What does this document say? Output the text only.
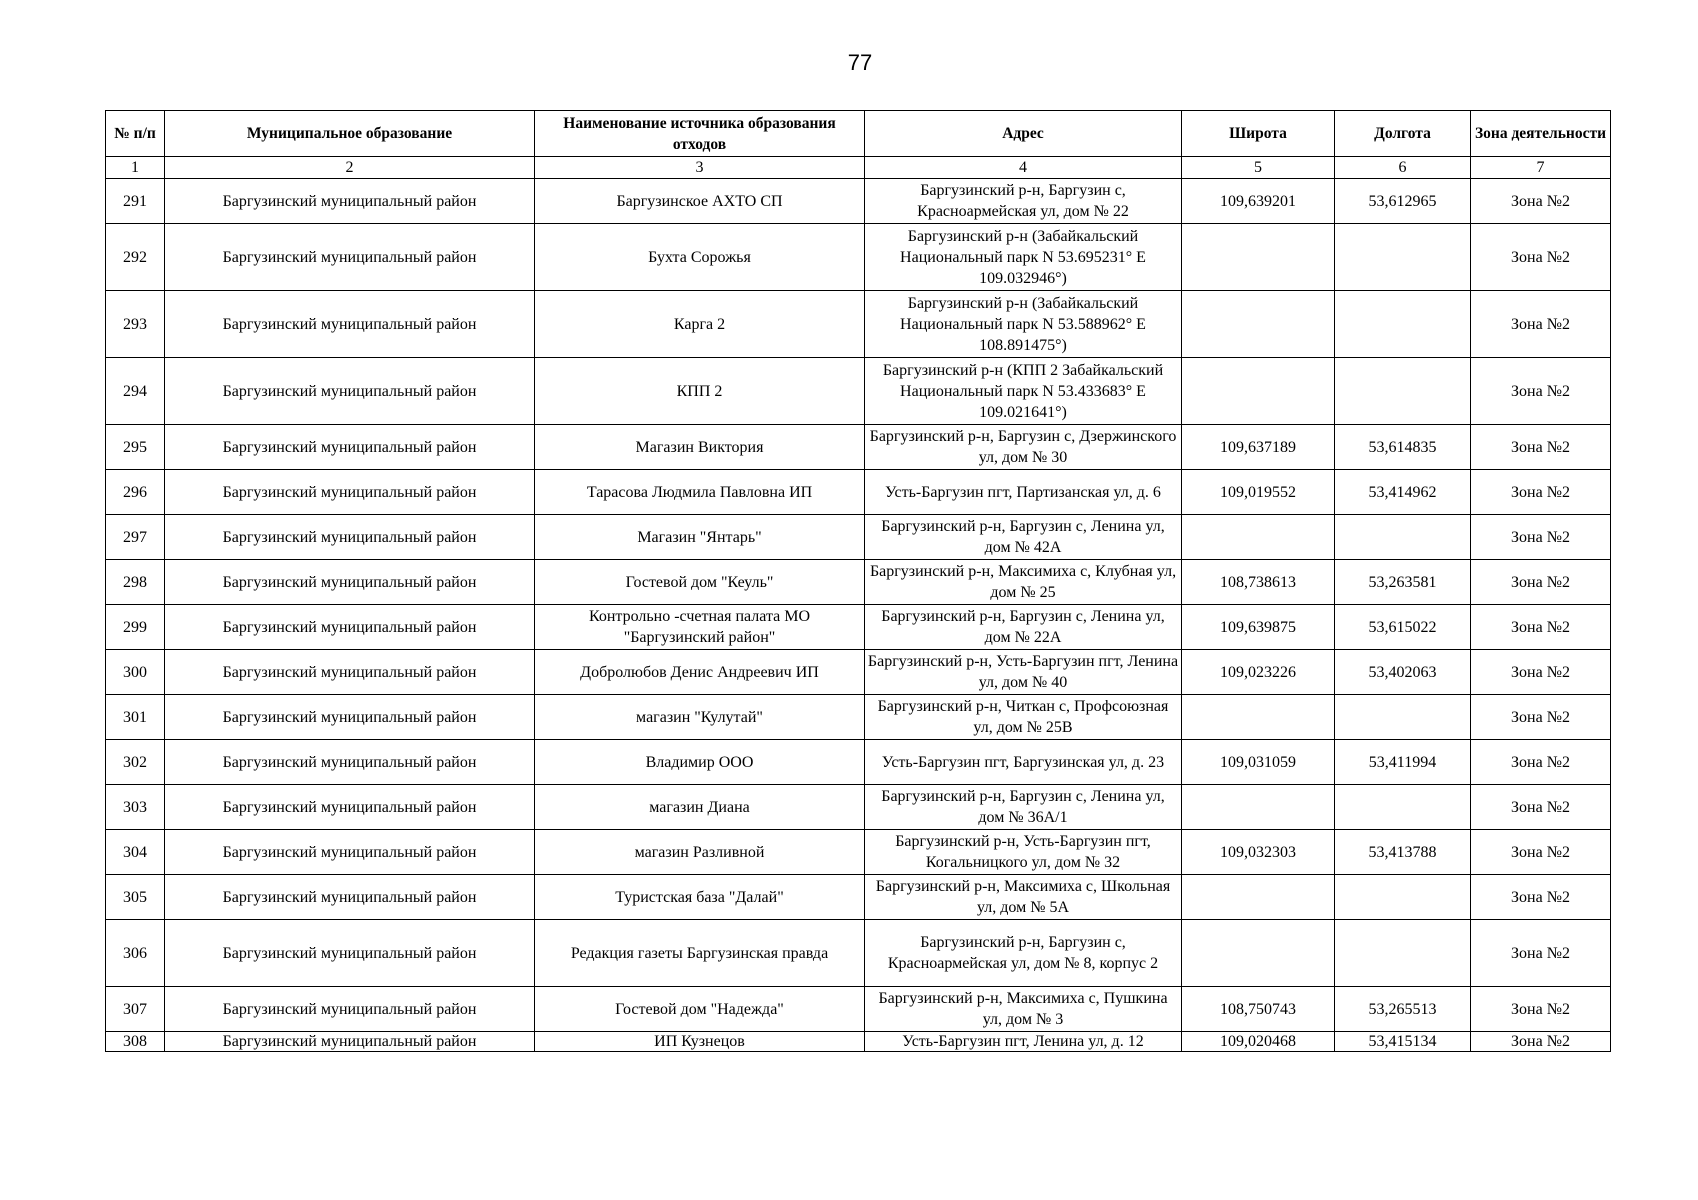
77
№ п/п	Муниципальное образование	Наименование источника образования отходов	Адрес	Широта	Долгота	Зона деятельности
1	2	3	4	5	6	7
291	Баргузинский муниципальный район	Баргузинское АХТО СП	Баргузинский р-н, Баргузин с, Красноармейская ул, дом № 22	109,639201	53,612965	Зона №2
292	Баргузинский муниципальный район	Бухта Сорожья	Баргузинский р-н (Забайкальский Национальный парк N 53.695231° E 109.032946°)			Зона №2
293	Баргузинский муниципальный район	Карга 2	Баргузинский р-н (Забайкальский Национальный парк N 53.588962° E 108.891475°)			Зона №2
294	Баргузинский муниципальный район	КПП 2	Баргузинский р-н (КПП 2 Забайкальский Национальный парк N 53.433683° E 109.021641°)			Зона №2
295	Баргузинский муниципальный район	Магазин Виктория	Баргузинский р-н, Баргузин с, Дзержинского ул, дом № 30	109,637189	53,614835	Зона №2
296	Баргузинский муниципальный район	Тарасова Людмила Павловна ИП	Усть-Баргузин пгт, Партизанская ул, д. 6	109,019552	53,414962	Зона №2
297	Баргузинский муниципальный район	Магазин "Янтарь"	Баргузинский р-н, Баргузин с, Ленина ул, дом № 42А			Зона №2
298	Баргузинский муниципальный район	Гостевой дом "Кеуль"	Баргузинский р-н, Максимиха с, Клубная ул, дом № 25	108,738613	53,263581	Зона №2
299	Баргузинский муниципальный район	Контрольно -счетная палата МО "Баргузинский район"	Баргузинский р-н, Баргузин с, Ленина ул, дом № 22А	109,639875	53,615022	Зона №2
300	Баргузинский муниципальный район	Добролюбов Денис Андреевич ИП	Баргузинский р-н, Усть-Баргузин пгт, Ленина ул, дом № 40	109,023226	53,402063	Зона №2
301	Баргузинский муниципальный район	магазин "Кулутай"	Баргузинский р-н, Читкан с, Профсоюзная ул, дом № 25В			Зона №2
302	Баргузинский муниципальный район	Владимир ООО	Усть-Баргузин пгт, Баргузинская ул, д. 23	109,031059	53,411994	Зона №2
303	Баргузинский муниципальный район	магазин Диана	Баргузинский р-н, Баргузин с, Ленина ул, дом № 36А/1			Зона №2
304	Баргузинский муниципальный район	магазин Разливной	Баргузинский р-н, Усть-Баргузин пгт, Когальницкого ул, дом № 32	109,032303	53,413788	Зона №2
305	Баргузинский муниципальный район	Туристская база "Далай"	Баргузинский р-н, Максимиха с, Школьная ул, дом № 5А			Зона №2
306	Баргузинский муниципальный район	Редакция газеты Баргузинская правда	Баргузинский р-н, Баргузин с, Красноармейская ул, дом № 8, корпус 2			Зона №2
307	Баргузинский муниципальный район	Гостевой дом "Надежда"	Баргузинский р-н, Максимиха с, Пушкина ул, дом № 3	108,750743	53,265513	Зона №2
308	Баргузинский муниципальный район	ИП Кузнецов	Усть-Баргузин пгт, Ленина ул, д. 12	109,020468	53,415134	Зона №2
